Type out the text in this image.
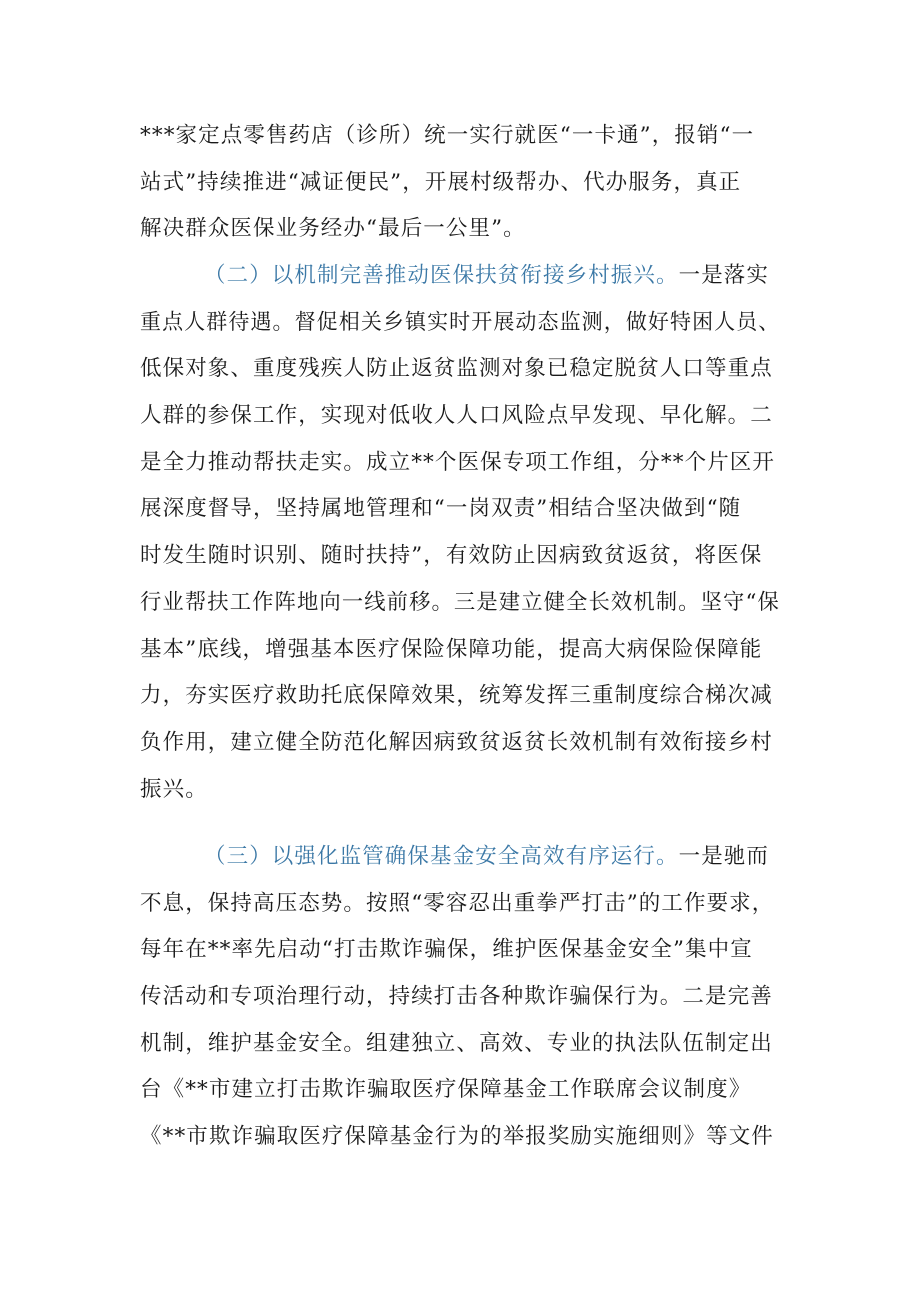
***家定点零售药店（诊所）统一实行就医“一卡通”，报销“一
站式”持续推进“减证便民”，开展村级帮办、代办服务，真正
解决群众医保业务经办“最后一公里”。
（二）以机制完善推动医保扶贫衔接乡村振兴。一是落实
重点人群待遇。督促相关乡镇实时开展动态监测，做好特困人员、
低保对象、重度残疾人防止返贫监测对象已稳定脱贫人口等重点
人群的参保工作，实现对低收人人口风险点早发现、早化解。二
是全力推动帮扶走实。成立**个医保专项工作组，分**个片区开
展深度督导，坚持属地管理和“一岗双责”相结合坚决做到“随
时发生随时识别、随时扶持”，有效防止因病致贫返贫，将医保
行业帮扶工作阵地向一线前移。三是建立健全长效机制。坚守“保
基本”底线，增强基本医疗保险保障功能，提高大病保险保障能
力，夯实医疗救助托底保障效果，统筹发挥三重制度综合梯次减
负作用，建立健全防范化解因病致贫返贫长效机制有效衔接乡村
振兴。
（三）以强化监管确保基金安全高效有序运行。一是驰而
不息，保持高压态势。按照“零容忍出重拳严打击”的工作要求，
每年在**率先启动“打击欺诈骗保，维护医保基金安全”集中宣
传活动和专项治理行动，持续打击各种欺诈骗保行为。二是完善
机制，维护基金安全。组建独立、高效、专业的执法队伍制定出
台《**市建立打击欺诈骗取医疗保障基金工作联席会议制度》
《**市欺诈骗取医疗保障基金行为的举报奖励实施细则》等文件
